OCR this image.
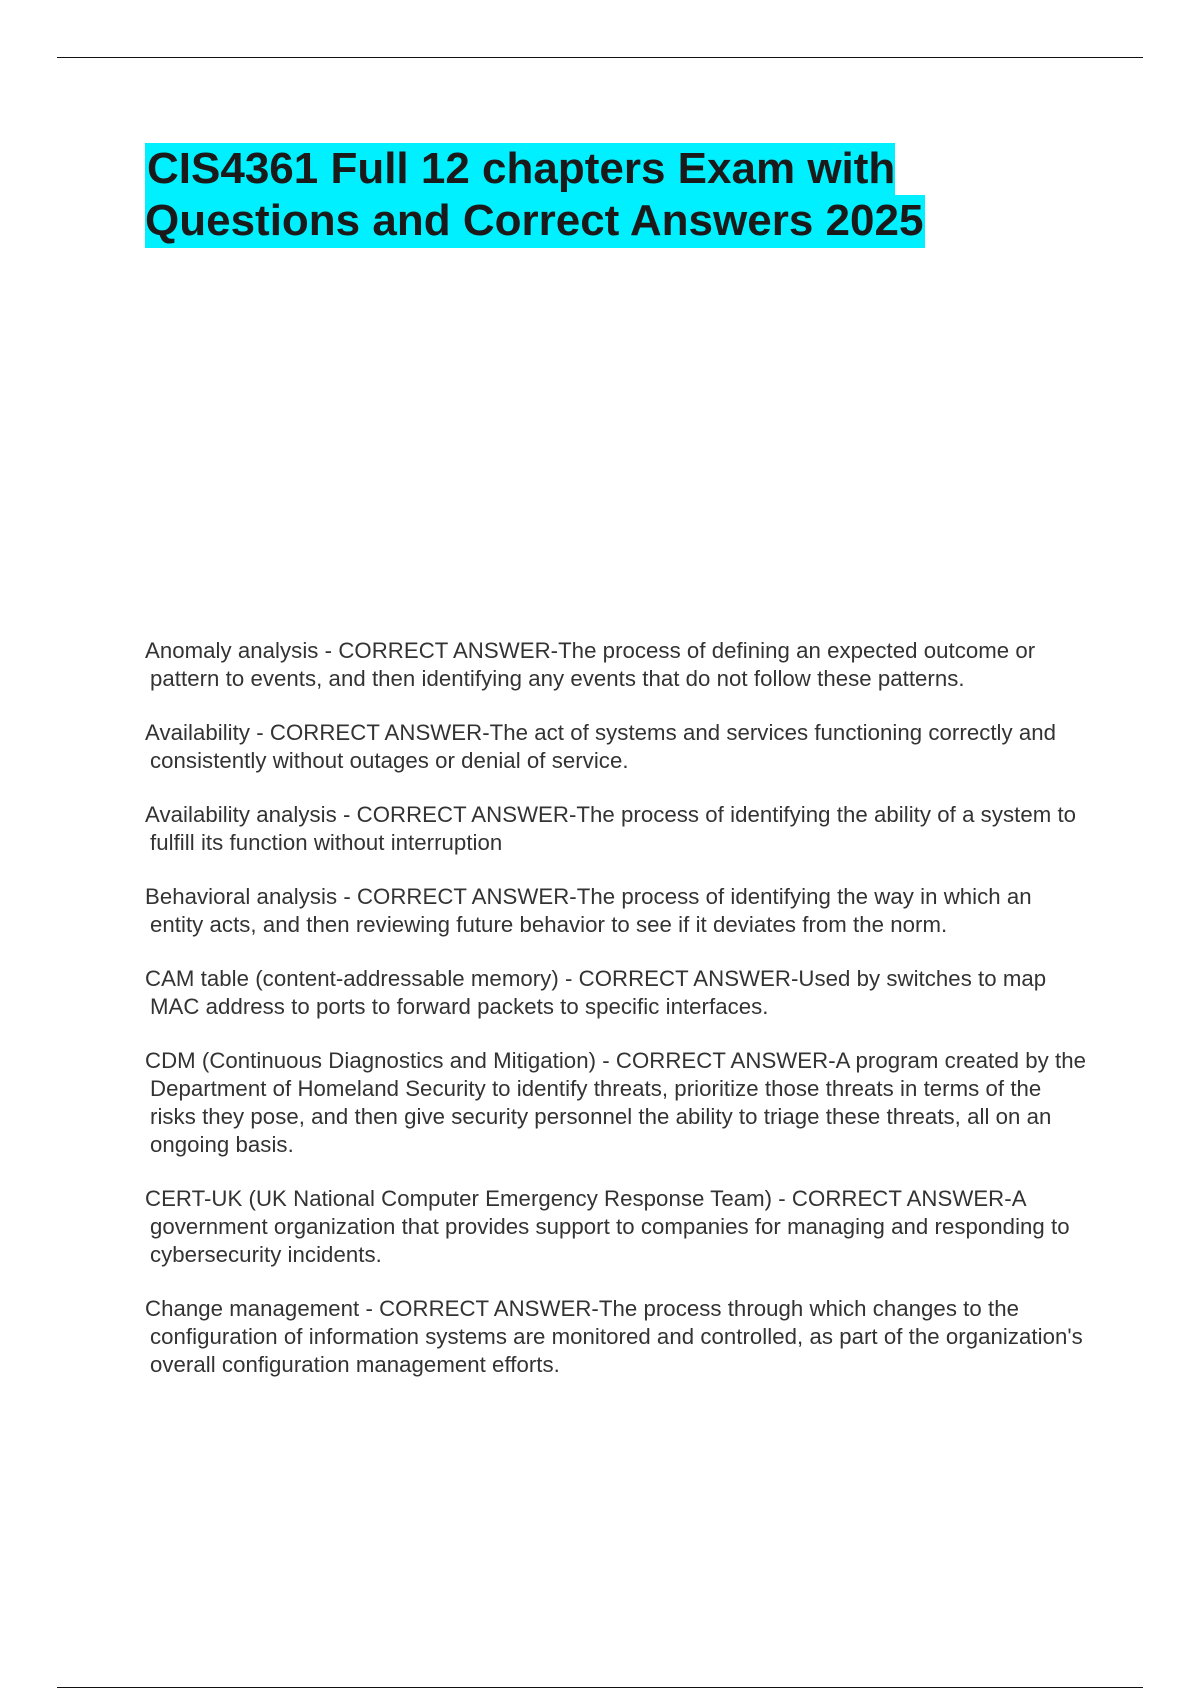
CIS4361 Full 12 chapters Exam with Questions and Correct Answers 2025
Anomaly analysis - CORRECT ANSWER-The process of defining an expected outcome or pattern to events, and then identifying any events that do not follow these patterns.
Availability - CORRECT ANSWER-The act of systems and services functioning correctly and consistently without outages or denial of service.
Availability analysis - CORRECT ANSWER-The process of identifying the ability of a system to fulfill its function without interruption
Behavioral analysis - CORRECT ANSWER-The process of identifying the way in which an entity acts, and then reviewing future behavior to see if it deviates from the norm.
CAM table (content-addressable memory) - CORRECT ANSWER-Used by switches to map MAC address to ports to forward packets to specific interfaces.
CDM (Continuous Diagnostics and Mitigation) - CORRECT ANSWER-A program created by the Department of Homeland Security to identify threats, prioritize those threats in terms of the risks they pose, and then give security personnel the ability to triage these threats, all on an ongoing basis.
CERT-UK (UK National Computer Emergency Response Team) - CORRECT ANSWER-A government organization that provides support to companies for managing and responding to cybersecurity incidents.
Change management - CORRECT ANSWER-The process through which changes to the configuration of information systems are monitored and controlled, as part of the organization's overall configuration management efforts.
